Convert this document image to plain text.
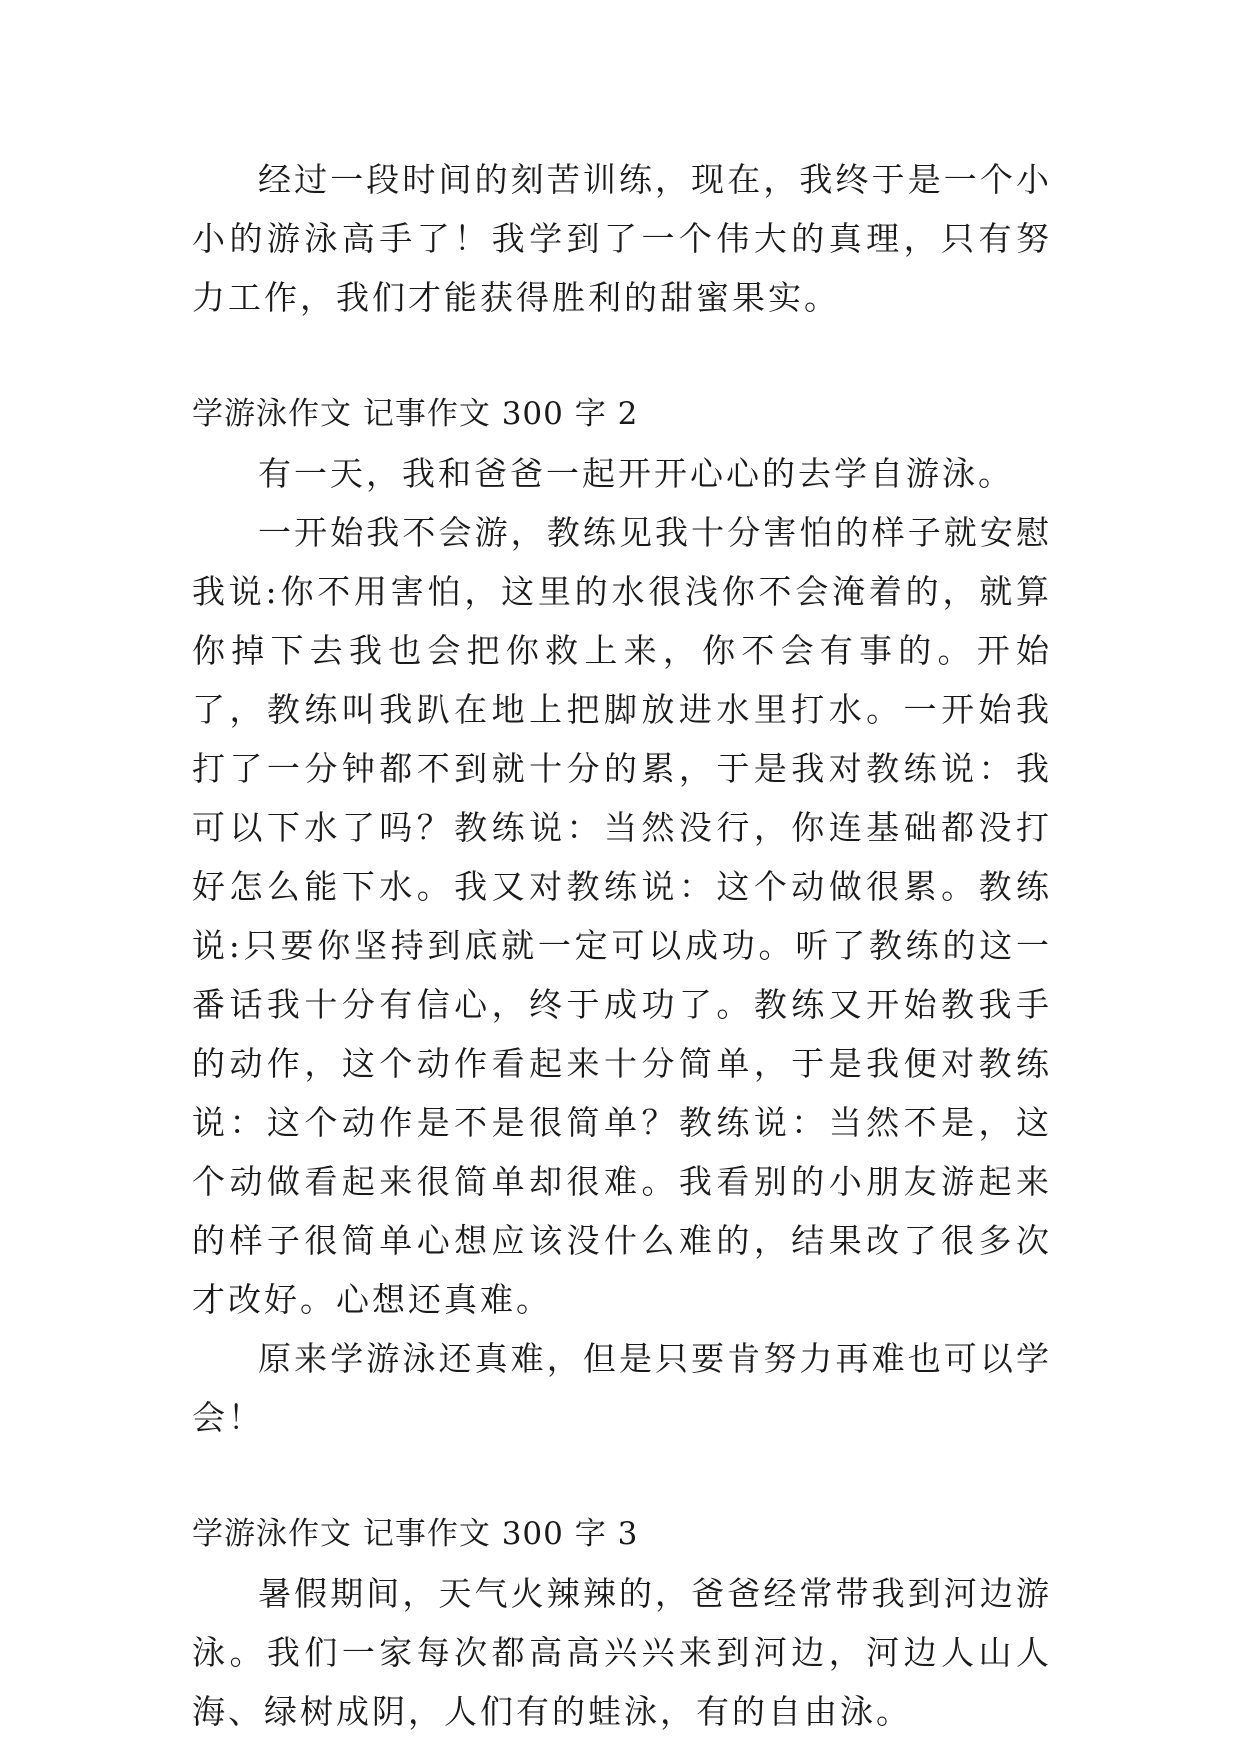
经过一段时间的刻苦训练，现在，我终于是一个小小的游泳高手了！我学到了一个伟大的真理，只有努力工作，我们才能获得胜利的甜蜜果实。

学游泳作文 记事作文 300 字 2

有一天，我和爸爸一起开开心心的去学自游泳。

一开始我不会游，教练见我十分害怕的样子就安慰我说:你不用害怕，这里的水很浅你不会淹着的，就算你掉下去我也会把你救上来，你不会有事的。开始了，教练叫我趴在地上把脚放进水里打水。一开始我打了一分钟都不到就十分的累，于是我对教练说：我可以下水了吗？教练说：当然没行，你连基础都没打好怎么能下水。我又对教练说：这个动做很累。教练说:只要你坚持到底就一定可以成功。听了教练的这一番话我十分有信心，终于成功了。教练又开始教我手的动作，这个动作看起来十分简单，于是我便对教练说：这个动作是不是很简单？教练说：当然不是，这个动做看起来很简单却很难。我看别的小朋友游起来的样子很简单心想应该没什么难的，结果改了很多次才改好。心想还真难。

原来学游泳还真难，但是只要肯努力再难也可以学会！

学游泳作文 记事作文 300 字 3

暑假期间，天气火辣辣的，爸爸经常带我到河边游泳。我们一家每次都高高兴兴来到河边，河边人山人海、绿树成阴，人们有的蛙泳，有的自由泳。
